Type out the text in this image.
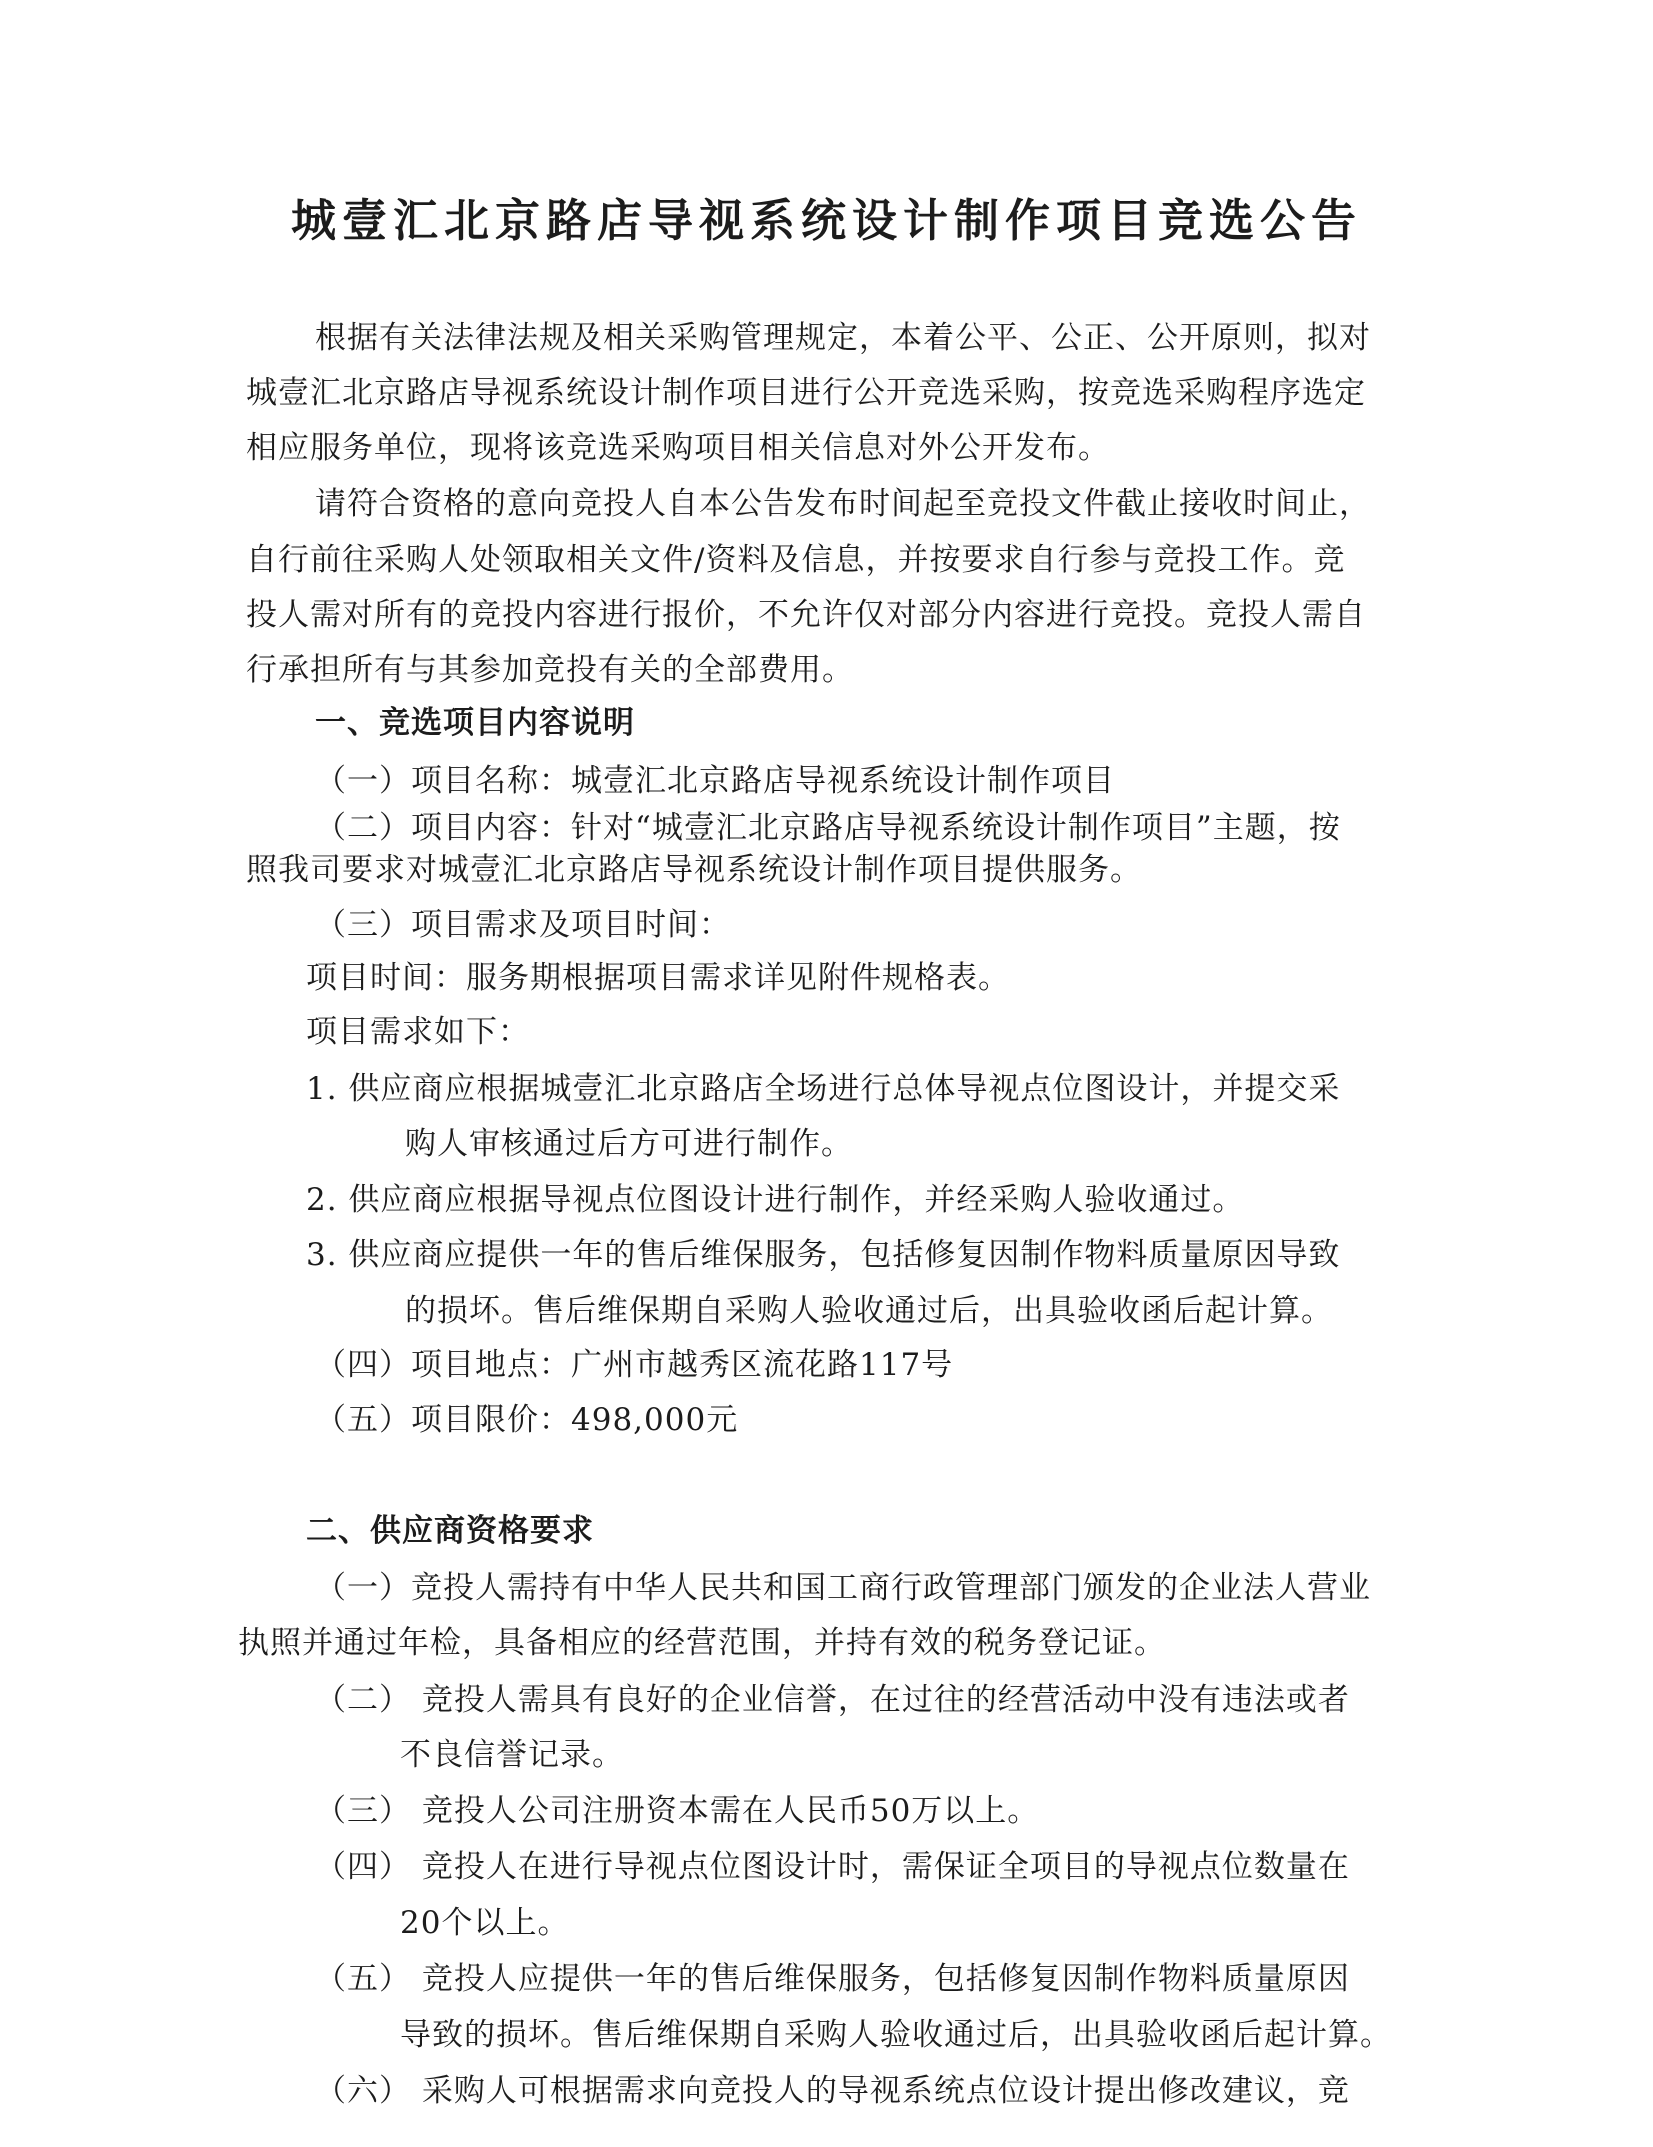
城壹汇北京路店导视系统设计制作项目竞选公告
根据有关法律法规及相关采购管理规定，本着公平、公正、公开原则，拟对
城壹汇北京路店导视系统设计制作项目进行公开竞选采购，按竞选采购程序选定
相应服务单位，现将该竞选采购项目相关信息对外公开发布。
请符合资格的意向竞投人自本公告发布时间起至竞投文件截止接收时间止，
自行前往采购人处领取相关文件/资料及信息，并按要求自行参与竞投工作。竞
投人需对所有的竞投内容进行报价，不允许仅对部分内容进行竞投。竞投人需自
行承担所有与其参加竞投有关的全部费用。
一、竞选项目内容说明
（一）项目名称：城壹汇北京路店导视系统设计制作项目
（二）项目内容：针对“城壹汇北京路店导视系统设计制作项目”主题，按
照我司要求对城壹汇北京路店导视系统设计制作项目提供服务。
（三）项目需求及项目时间：
项目时间：服务期根据项目需求详见附件规格表。
项目需求如下：
1. 供应商应根据城壹汇北京路店全场进行总体导视点位图设计，并提交采
购人审核通过后方可进行制作。
2. 供应商应根据导视点位图设计进行制作，并经采购人验收通过。
3. 供应商应提供一年的售后维保服务，包括修复因制作物料质量原因导致
的损坏。售后维保期自采购人验收通过后，出具验收函后起计算。
（四）项目地点：广州市越秀区流花路117号
（五）项目限价：498,000元
二、供应商资格要求
（一）竞投人需持有中华人民共和国工商行政管理部门颁发的企业法人营业
执照并通过年检，具备相应的经营范围，并持有效的税务登记证。
（二） 竞投人需具有良好的企业信誉，在过往的经营活动中没有违法或者
不良信誉记录。
（三） 竞投人公司注册资本需在人民币50万以上。
（四） 竞投人在进行导视点位图设计时，需保证全项目的导视点位数量在
20个以上。
（五） 竞投人应提供一年的售后维保服务，包括修复因制作物料质量原因
导致的损坏。售后维保期自采购人验收通过后，出具验收函后起计算。
（六） 采购人可根据需求向竞投人的导视系统点位设计提出修改建议，竞
